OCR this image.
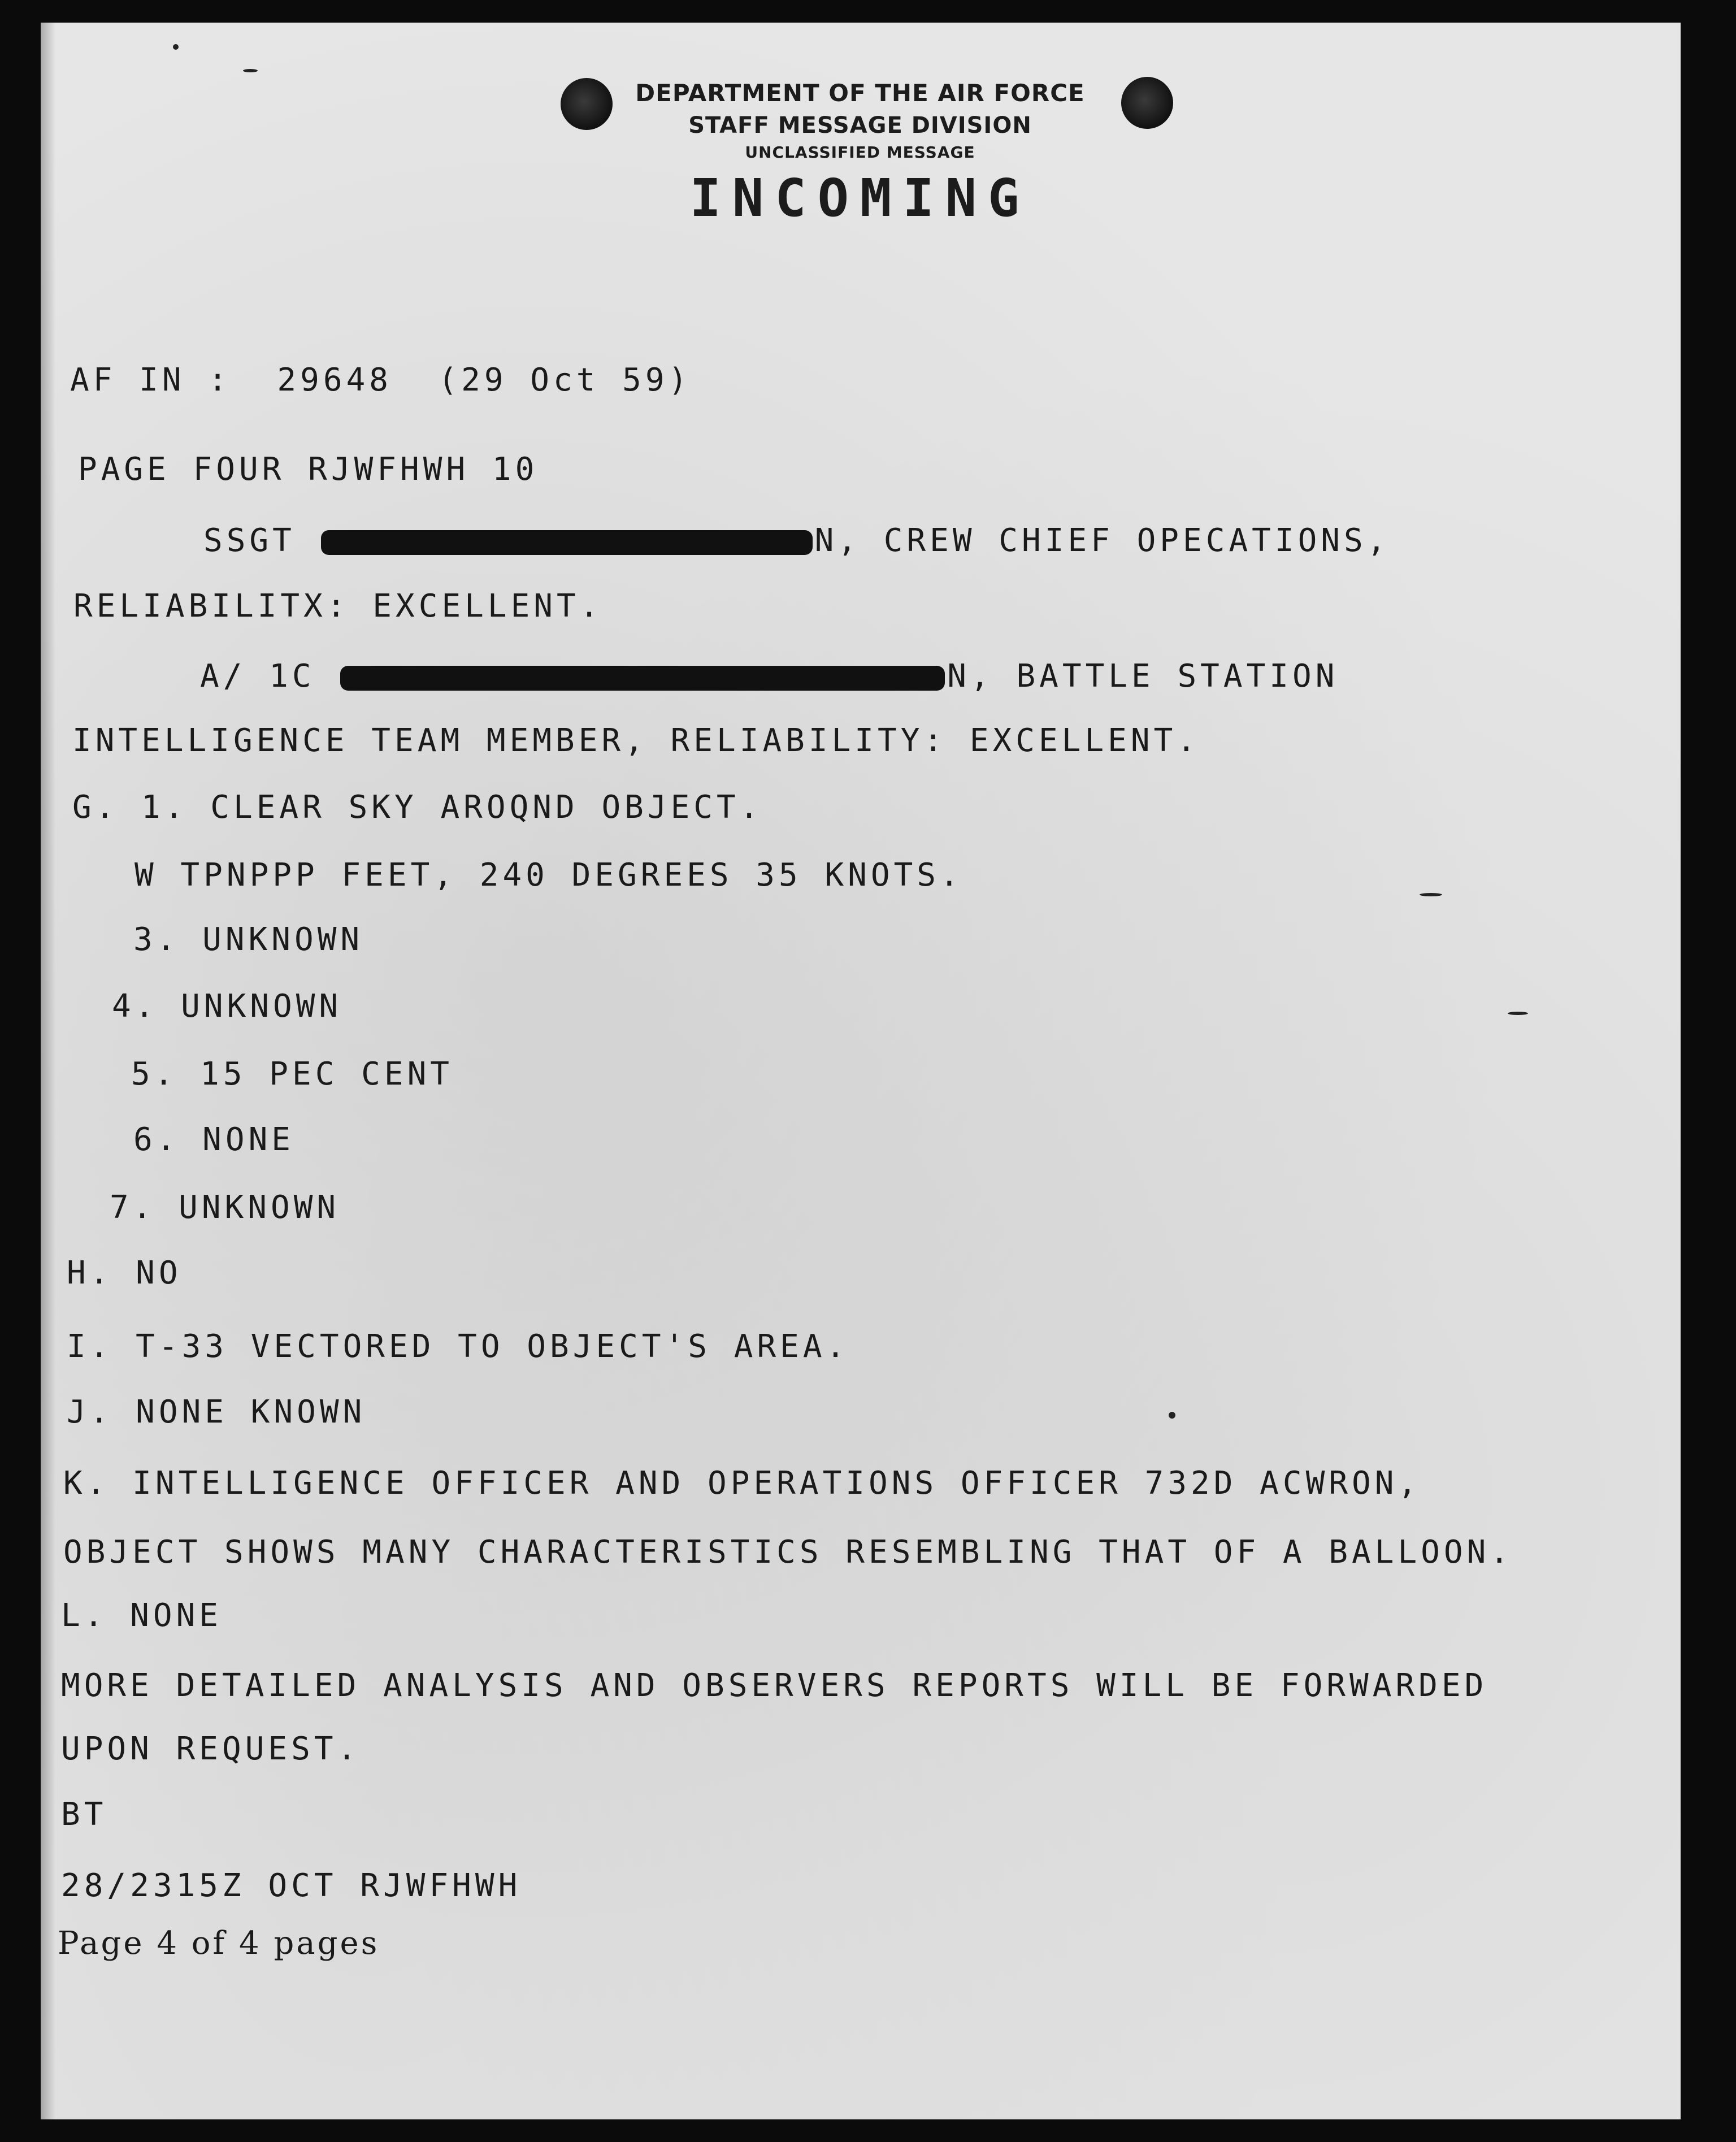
DEPARTMENT OF THE AIR FORCE
STAFF MESSAGE DIVISION
UNCLASSIFIED MESSAGE
INCOMING
AF IN :  29648  (29 Oct 59)
PAGE FOUR RJWFHWH 10
SSGT	N, CREW CHIEF OPECATIONS,
RELIABILITX: EXCELLENT.
A/ 1C	N, BATTLE STATION
INTELLIGENCE TEAM MEMBER, RELIABILITY: EXCELLENT.
G. 1. CLEAR SKY AROQND OBJECT.
W TPNPPP FEET, 240 DEGREES 35 KNOTS.
3. UNKNOWN
4. UNKNOWN
5. 15 PEC CENT
6. NONE
7. UNKNOWN
H. NO
I. T-33 VECTORED TO OBJECT'S AREA.
J. NONE KNOWN
K. INTELLIGENCE OFFICER AND OPERATIONS OFFICER 732D ACWRON,
OBJECT SHOWS MANY CHARACTERISTICS RESEMBLING THAT OF A BALLOON.
L. NONE
MORE DETAILED ANALYSIS AND OBSERVERS REPORTS WILL BE FORWARDED
UPON REQUEST.
BT
28/2315Z OCT RJWFHWH
Page 4 of 4 pages
